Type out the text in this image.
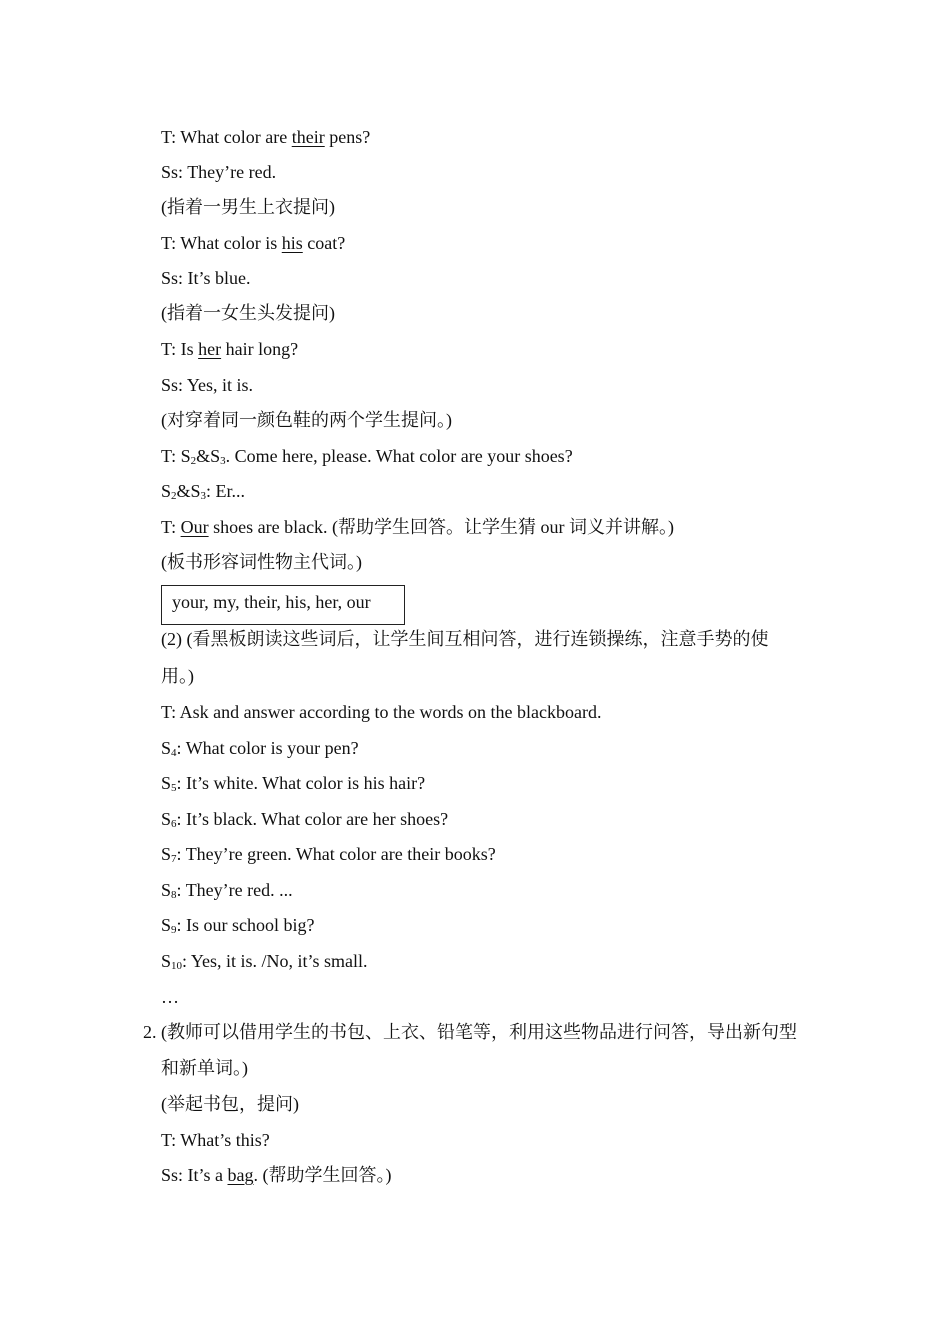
T: What color are their pens?
Ss: They’re red.
(指着一男生上衣提问)
T: What color is his coat?
Ss: It’s blue.
(指着一女生头发提问)
T: Is her hair long?
Ss: Yes, it is.
(对穿着同一颜色鞋的两个学生提问。)
T: $S_2\&S_3$. Come here, please. What color are your shoes?
$S_2\&S_3$: Er...
T: Our shoes are black. (帮助学生回答。让学生猜 our 词义并讲解。)
(板书形容词性物主代词。)
your, my, their, his, her, our
(2) (看黑板朗读这些词后，让学生间互相问答，进行连锁操练，注意手势的使
用。)
T: Ask and answer according to the words on the blackboard.
$S_4$: What color is your pen?
$S_5$: It’s white. What color is his hair?
$S_6$: It’s black. What color are her shoes?
$S_7$: They’re green. What color are their books?
$S_8$: They’re red. ...
$S_9$: Is our school big?
$S_{10}$: Yes, it is. /No, it’s small.
…
2. (教师可以借用学生的书包、上衣、铅笔等，利用这些物品进行问答，导出新句型
和新单词。)
(举起书包，提问)
T: What’s this?
Ss: It’s a bag. (帮助学生回答。)
